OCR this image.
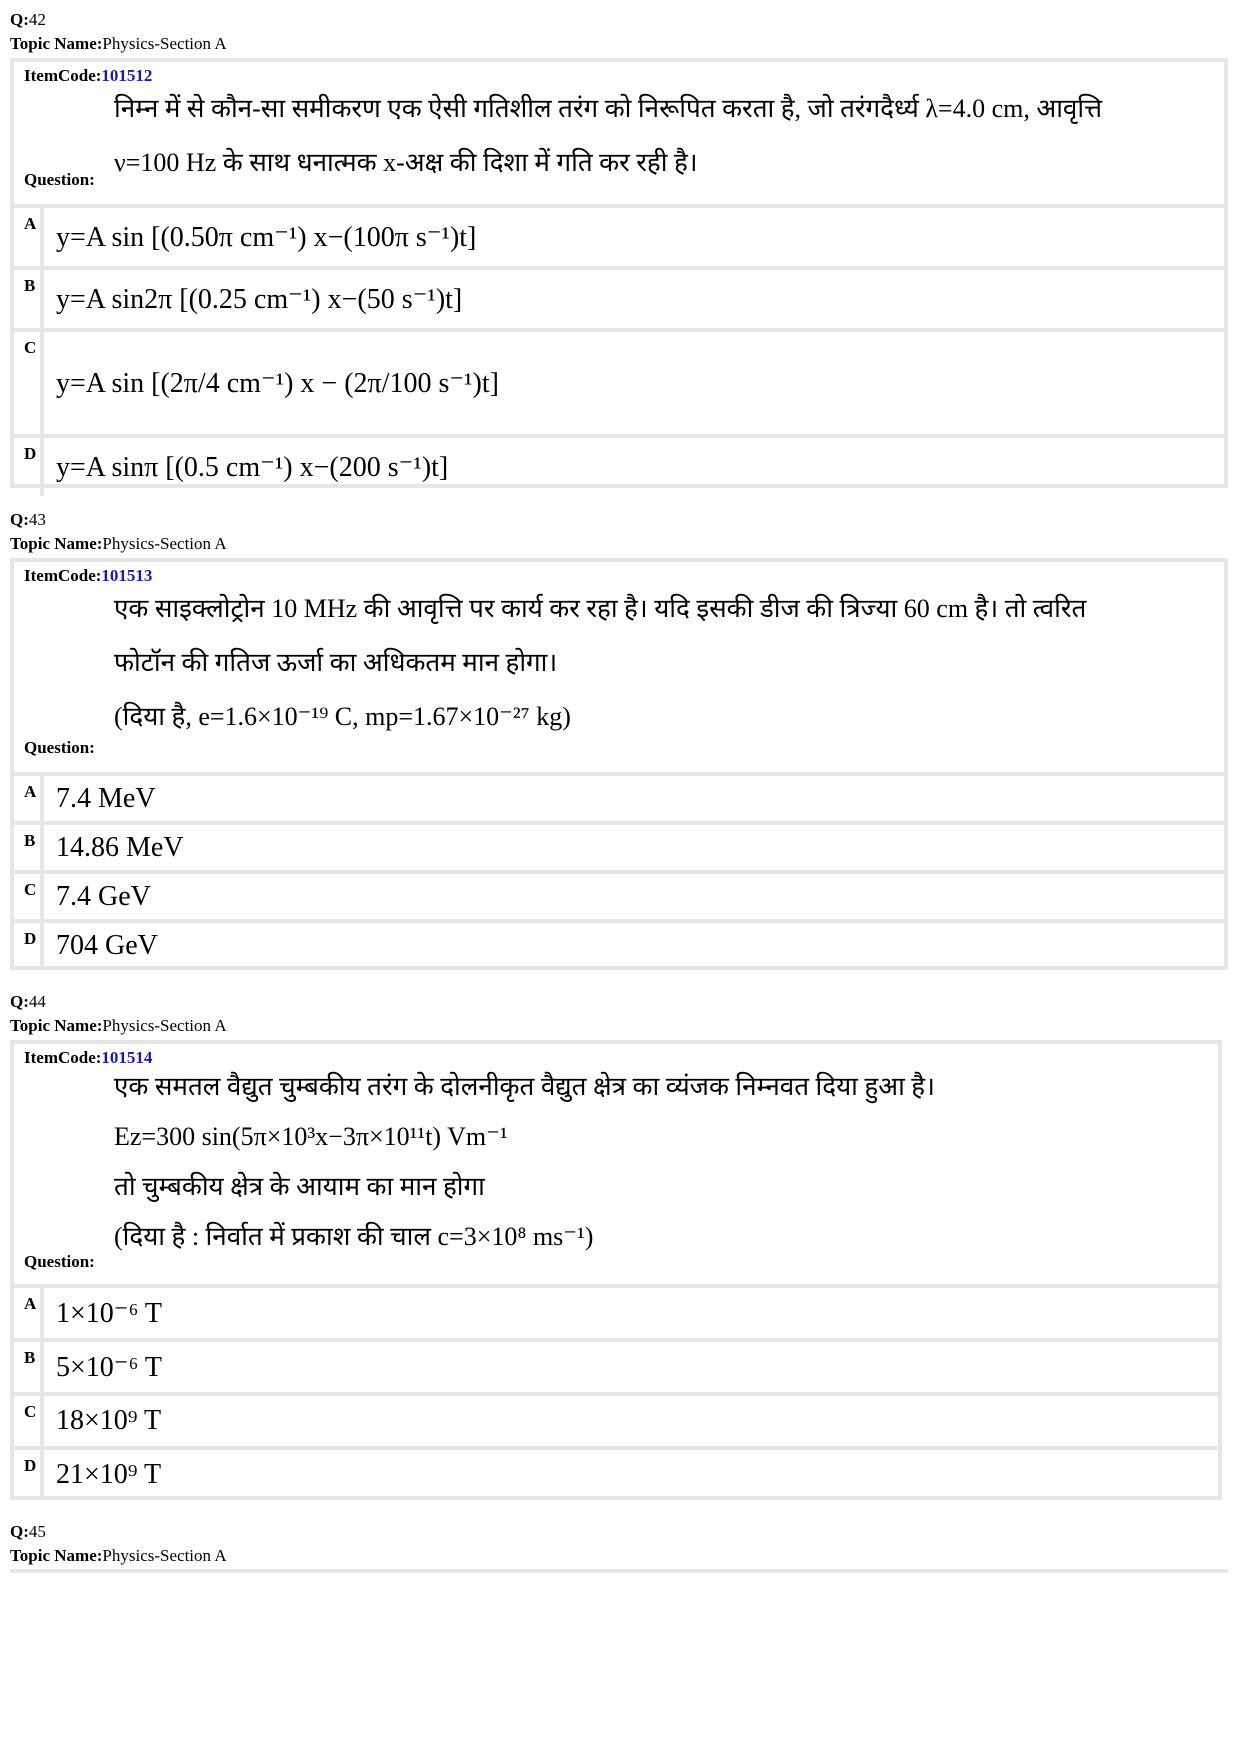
Q:42
Topic Name:Physics-Section A
ItemCode:101512
निम्न में से कौन-सा समीकरण एक ऐसी गतिशील तरंग को निरूपित करता है, जो तरंगदैर्ध्य λ=4.0 cm, आवृत्ति
ν=100 Hz के साथ धनात्मक x-अक्ष की दिशा में गति कर रही है।
Question:
A y=A sin [(0.50π cm⁻¹) x−(100π s⁻¹)t]
B y=A sin2π [(0.25 cm⁻¹) x−(50 s⁻¹)t]
C
y=A sin [(2π/4 cm⁻¹) x − (2π/100 s⁻¹)t]
D y=A sinπ [(0.5 cm⁻¹) x−(200 s⁻¹)t]
Q:43
Topic Name:Physics-Section A
ItemCode:101513
एक साइक्लोट्रोन 10 MHz की आवृत्ति पर कार्य कर रहा है। यदि इसकी डीज की त्रिज्या 60 cm है। तो त्वरित
फोटॉन की गतिज ऊर्जा का अधिकतम मान होगा।
(दिया है, e=1.6×10⁻¹⁹ C, mp=1.67×10⁻²⁷ kg)
Question:
A 7.4 MeV
B 14.86 MeV
C 7.4 GeV
D 704 GeV
Q:44
Topic Name:Physics-Section A
ItemCode:101514
एक समतल वैद्युत चुम्बकीय तरंग के दोलनीकृत वैद्युत क्षेत्र का व्यंजक निम्नवत दिया हुआ है।
Ez=300 sin(5π×10³x−3π×10¹¹t) Vm⁻¹
तो चुम्बकीय क्षेत्र के आयाम का मान होगा
(दिया है : निर्वात में प्रकाश की चाल c=3×10⁸ ms⁻¹)
Question:
A 1×10⁻⁶ T
B 5×10⁻⁶ T
C 18×10⁹ T
D 21×10⁹ T
Q:45
Topic Name:Physics-Section A
